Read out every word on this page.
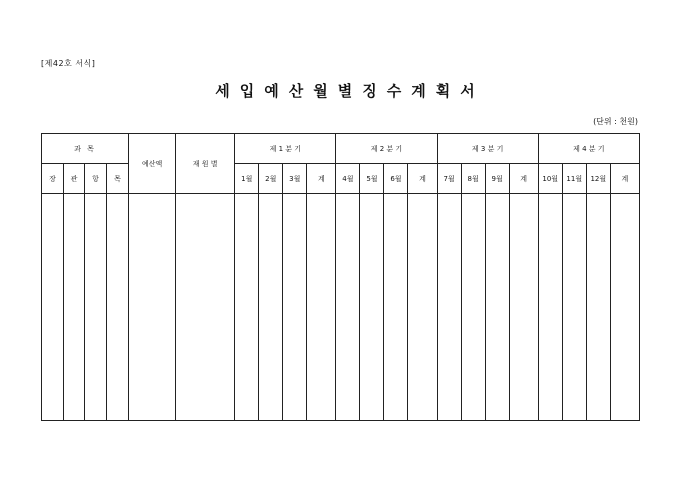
[제42호 서식]
세입예산월별징수계획서
(단위 : 천원)
과 목				예산액	재 원 별	제 1 분 기				제 2 분 기				제 3 분 기				제 4 분 기			
장	관	항	목			1월	2월	3월	계	4월	5월	6월	계	7월	8월	9월	계	10월	11월	12월	계
